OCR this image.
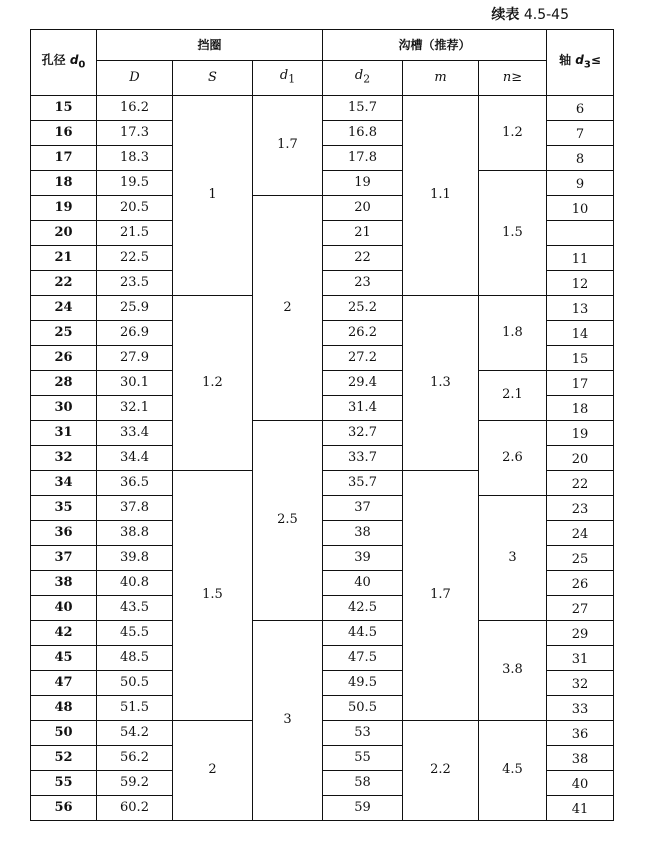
续表 4.5-45
孔径 $d_0$	挡圈			沟槽（推荐）			轴 $d_3\le$
	D	S	$d_1$	$d_2$	m	n≥	
15	16.2	1	1.7	15.7	1.1	1.2	6
16	17.3			16.8			7
17	18.3			17.8			8
18	19.5			19		1.5	9
19	20.5		2	20			10
20	21.5			21			
21	22.5			22			11
22	23.5			23			12
24	25.9	1.2		25.2	1.3	1.8	13
25	26.9			26.2			14
26	27.9			27.2			15
28	30.1			29.4		2.1	17
30	32.1			31.4			18
31	33.4		2.5	32.7		2.6	19
32	34.4			33.7			20
34	36.5	1.5		35.7	1.7		22
35	37.8			37		3	23
36	38.8			38			24
37	39.8			39			25
38	40.8			40			26
40	43.5			42.5			27
42	45.5		3	44.5		3.8	29
45	48.5			47.5			31
47	50.5			49.5			32
48	51.5			50.5			33
50	54.2	2		53	2.2	4.5	36
52	56.2			55			38
55	59.2			58			40
56	60.2			59			41
